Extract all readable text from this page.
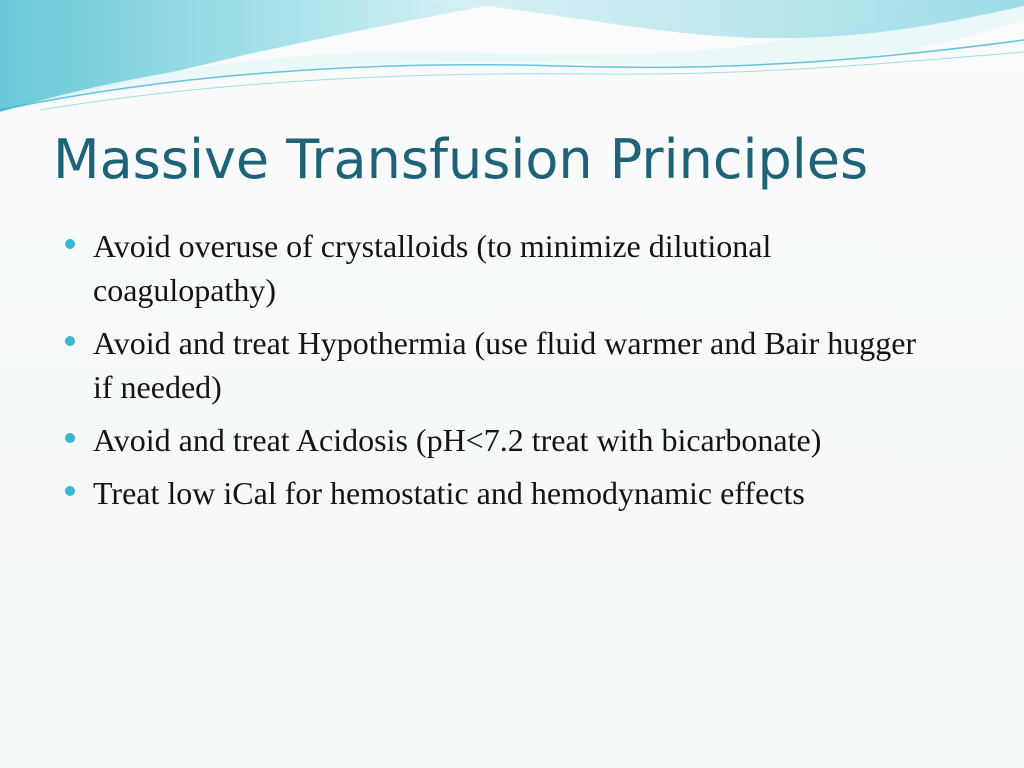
Massive Transfusion Principles
Avoid overuse of crystalloids (to minimize dilutional coagulopathy)
Avoid and treat Hypothermia (use fluid warmer and Bair hugger if needed)
Avoid and treat Acidosis (pH<7.2 treat with bicarbonate)
Treat low iCal for hemostatic and hemodynamic effects
